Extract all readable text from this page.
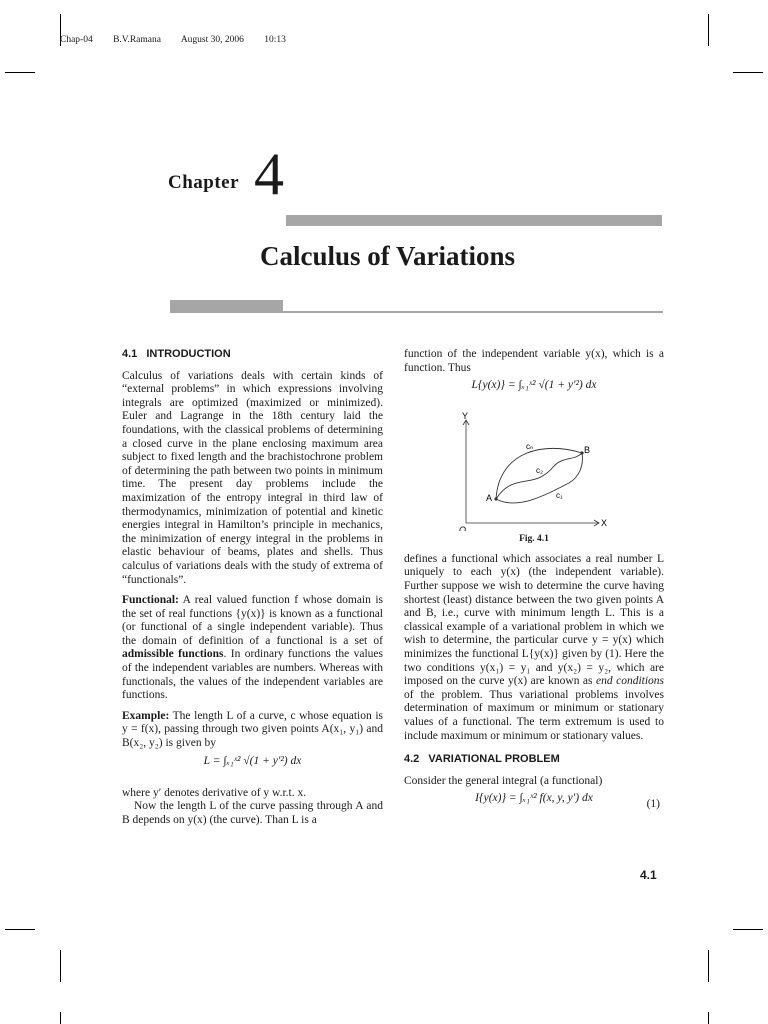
Chap-04 B.V.Ramana August 30, 2006 10:13
Chapter 4
Calculus of Variations
4.1 INTRODUCTION

Calculus of variations deals with certain kinds of “external problems” in which expressions involving integrals are optimized (maximized or minimized). Euler and Lagrange in the 18th century laid the foundations, with the classical problems of determining a closed curve in the plane enclosing maximum area subject to fixed length and the brachistochrone problem of determining the path between two points in minimum time. The present day problems include the maximization of the entropy integral in third law of thermodynamics, minimization of potential and kinetic energies integral in Hamilton’s principle in mechanics, the minimization of energy integral in the problems in elastic behaviour of beams, plates and shells. Thus calculus of variations deals with the study of extrema of “functionals”.

Functional: A real valued function f whose domain is the set of real functions {y(x)} is known as a functional (or functional of a single independent variable). Thus the domain of definition of a functional is a set of admissible functions. In ordinary functions the values of the independent variables are numbers. Whereas with functionals, the values of the independent variables are functions.

Example: The length L of a curve, c whose equation is y = f(x), passing through two given points A(x₁, y₁) and B(x₂, y₂) is given by

L = ∫ₓ₁ˣ² √(1 + y′²) dx

where y′ denotes derivative of y w.r.t. x.

Now the length L of the curve passing through A and B depends on y(x) (the curve). Than L is a

function of the independent variable y(x), which is a function. Thus

L{y(x)} = ∫ₓ₁ˣ² √(1 + y′²) dx
Y
X
O
cₙ
c₂
c₁
A
B
Fig. 4.1

defines a functional which associates a real number L uniquely to each y(x) (the independent variable). Further suppose we wish to determine the curve having shortest (least) distance between the two given points A and B, i.e., curve with minimum length L. This is a classical example of a variational problem in which we wish to determine, the particular curve y = y(x) which minimizes the functional L{y(x)} given by (1). Here the two conditions y(x₁) = y₁ and y(x₂) = y₂, which are imposed on the curve y(x) are known as end conditions of the problem. Thus variational problems involves determination of maximum or minimum or stationary values of a functional. The term extremum is used to include maximum or minimum or stationary values.

4.2 VARIATIONAL PROBLEM

Consider the general integral (a functional)

I{y(x)} = ∫ₓ₁ˣ² f(x, y, y′) dx	(1)
4.1
